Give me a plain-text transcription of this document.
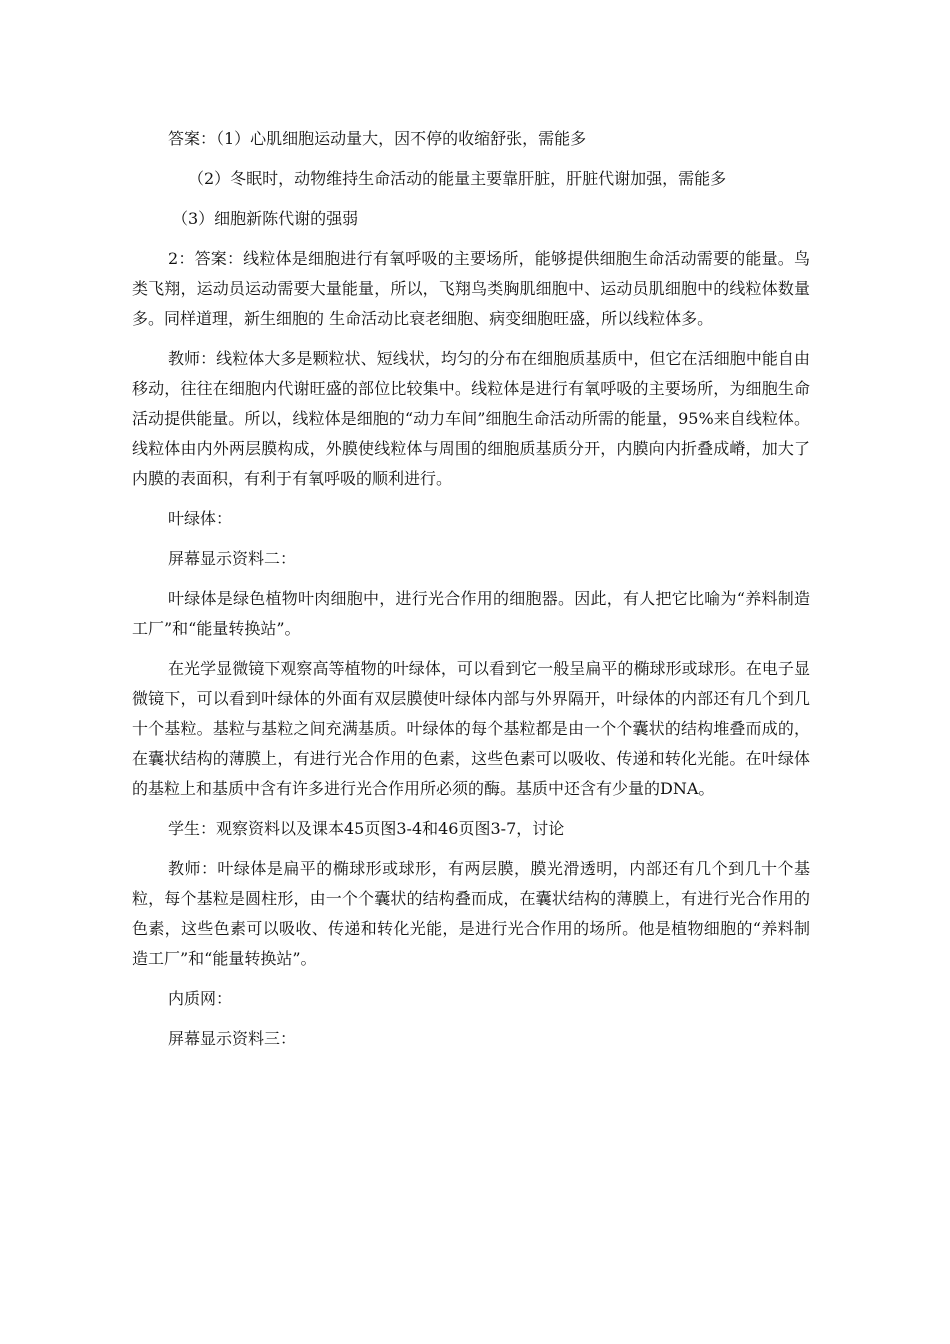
答案：（1）心肌细胞运动量大，因不停的收缩舒张，需能多

（2）冬眠时，动物维持生命活动的能量主要靠肝脏，肝脏代谢加强，需能多

（3）细胞新陈代谢的强弱

2：答案：线粒体是细胞进行有氧呼吸的主要场所，能够提供细胞生命活动需要的能量。鸟类飞翔，运动员运动需要大量能量，所以，飞翔鸟类胸肌细胞中、运动员肌细胞中的线粒体数量多。同样道理，新生细胞的 生命活动比衰老细胞、病变细胞旺盛，所以线粒体多。

教师：线粒体大多是颗粒状、短线状，均匀的分布在细胞质基质中，但它在活细胞中能自由移动，往往在细胞内代谢旺盛的部位比较集中。线粒体是进行有氧呼吸的主要场所，为细胞生命活动提供能量。所以，线粒体是细胞的“动力车间”细胞生命活动所需的能量，95%来自线粒体。线粒体由内外两层膜构成，外膜使线粒体与周围的细胞质基质分开，内膜向内折叠成嵴，加大了内膜的表面积，有利于有氧呼吸的顺利进行。

叶绿体：

屏幕显示资料二：

叶绿体是绿色植物叶肉细胞中，进行光合作用的细胞器。因此，有人把它比喻为“养料制造工厂”和“能量转换站”。

在光学显微镜下观察高等植物的叶绿体，可以看到它一般呈扁平的椭球形或球形。在电子显微镜下，可以看到叶绿体的外面有双层膜使叶绿体内部与外界隔开，叶绿体的内部还有几个到几十个基粒。基粒与基粒之间充满基质。叶绿体的每个基粒都是由一个个囊状的结构堆叠而成的，在囊状结构的薄膜上，有进行光合作用的色素，这些色素可以吸收、传递和转化光能。在叶绿体的基粒上和基质中含有许多进行光合作用所必须的酶。基质中还含有少量的DNA。

学生：观察资料以及课本45页图3-4和46页图3-7，讨论

教师：叶绿体是扁平的椭球形或球形，有两层膜，膜光滑透明，内部还有几个到几十个基粒，每个基粒是圆柱形，由一个个囊状的结构叠而成，在囊状结构的薄膜上，有进行光合作用的色素，这些色素可以吸收、传递和转化光能，是进行光合作用的场所。他是植物细胞的“养料制造工厂”和“能量转换站”。

内质网：

屏幕显示资料三：
